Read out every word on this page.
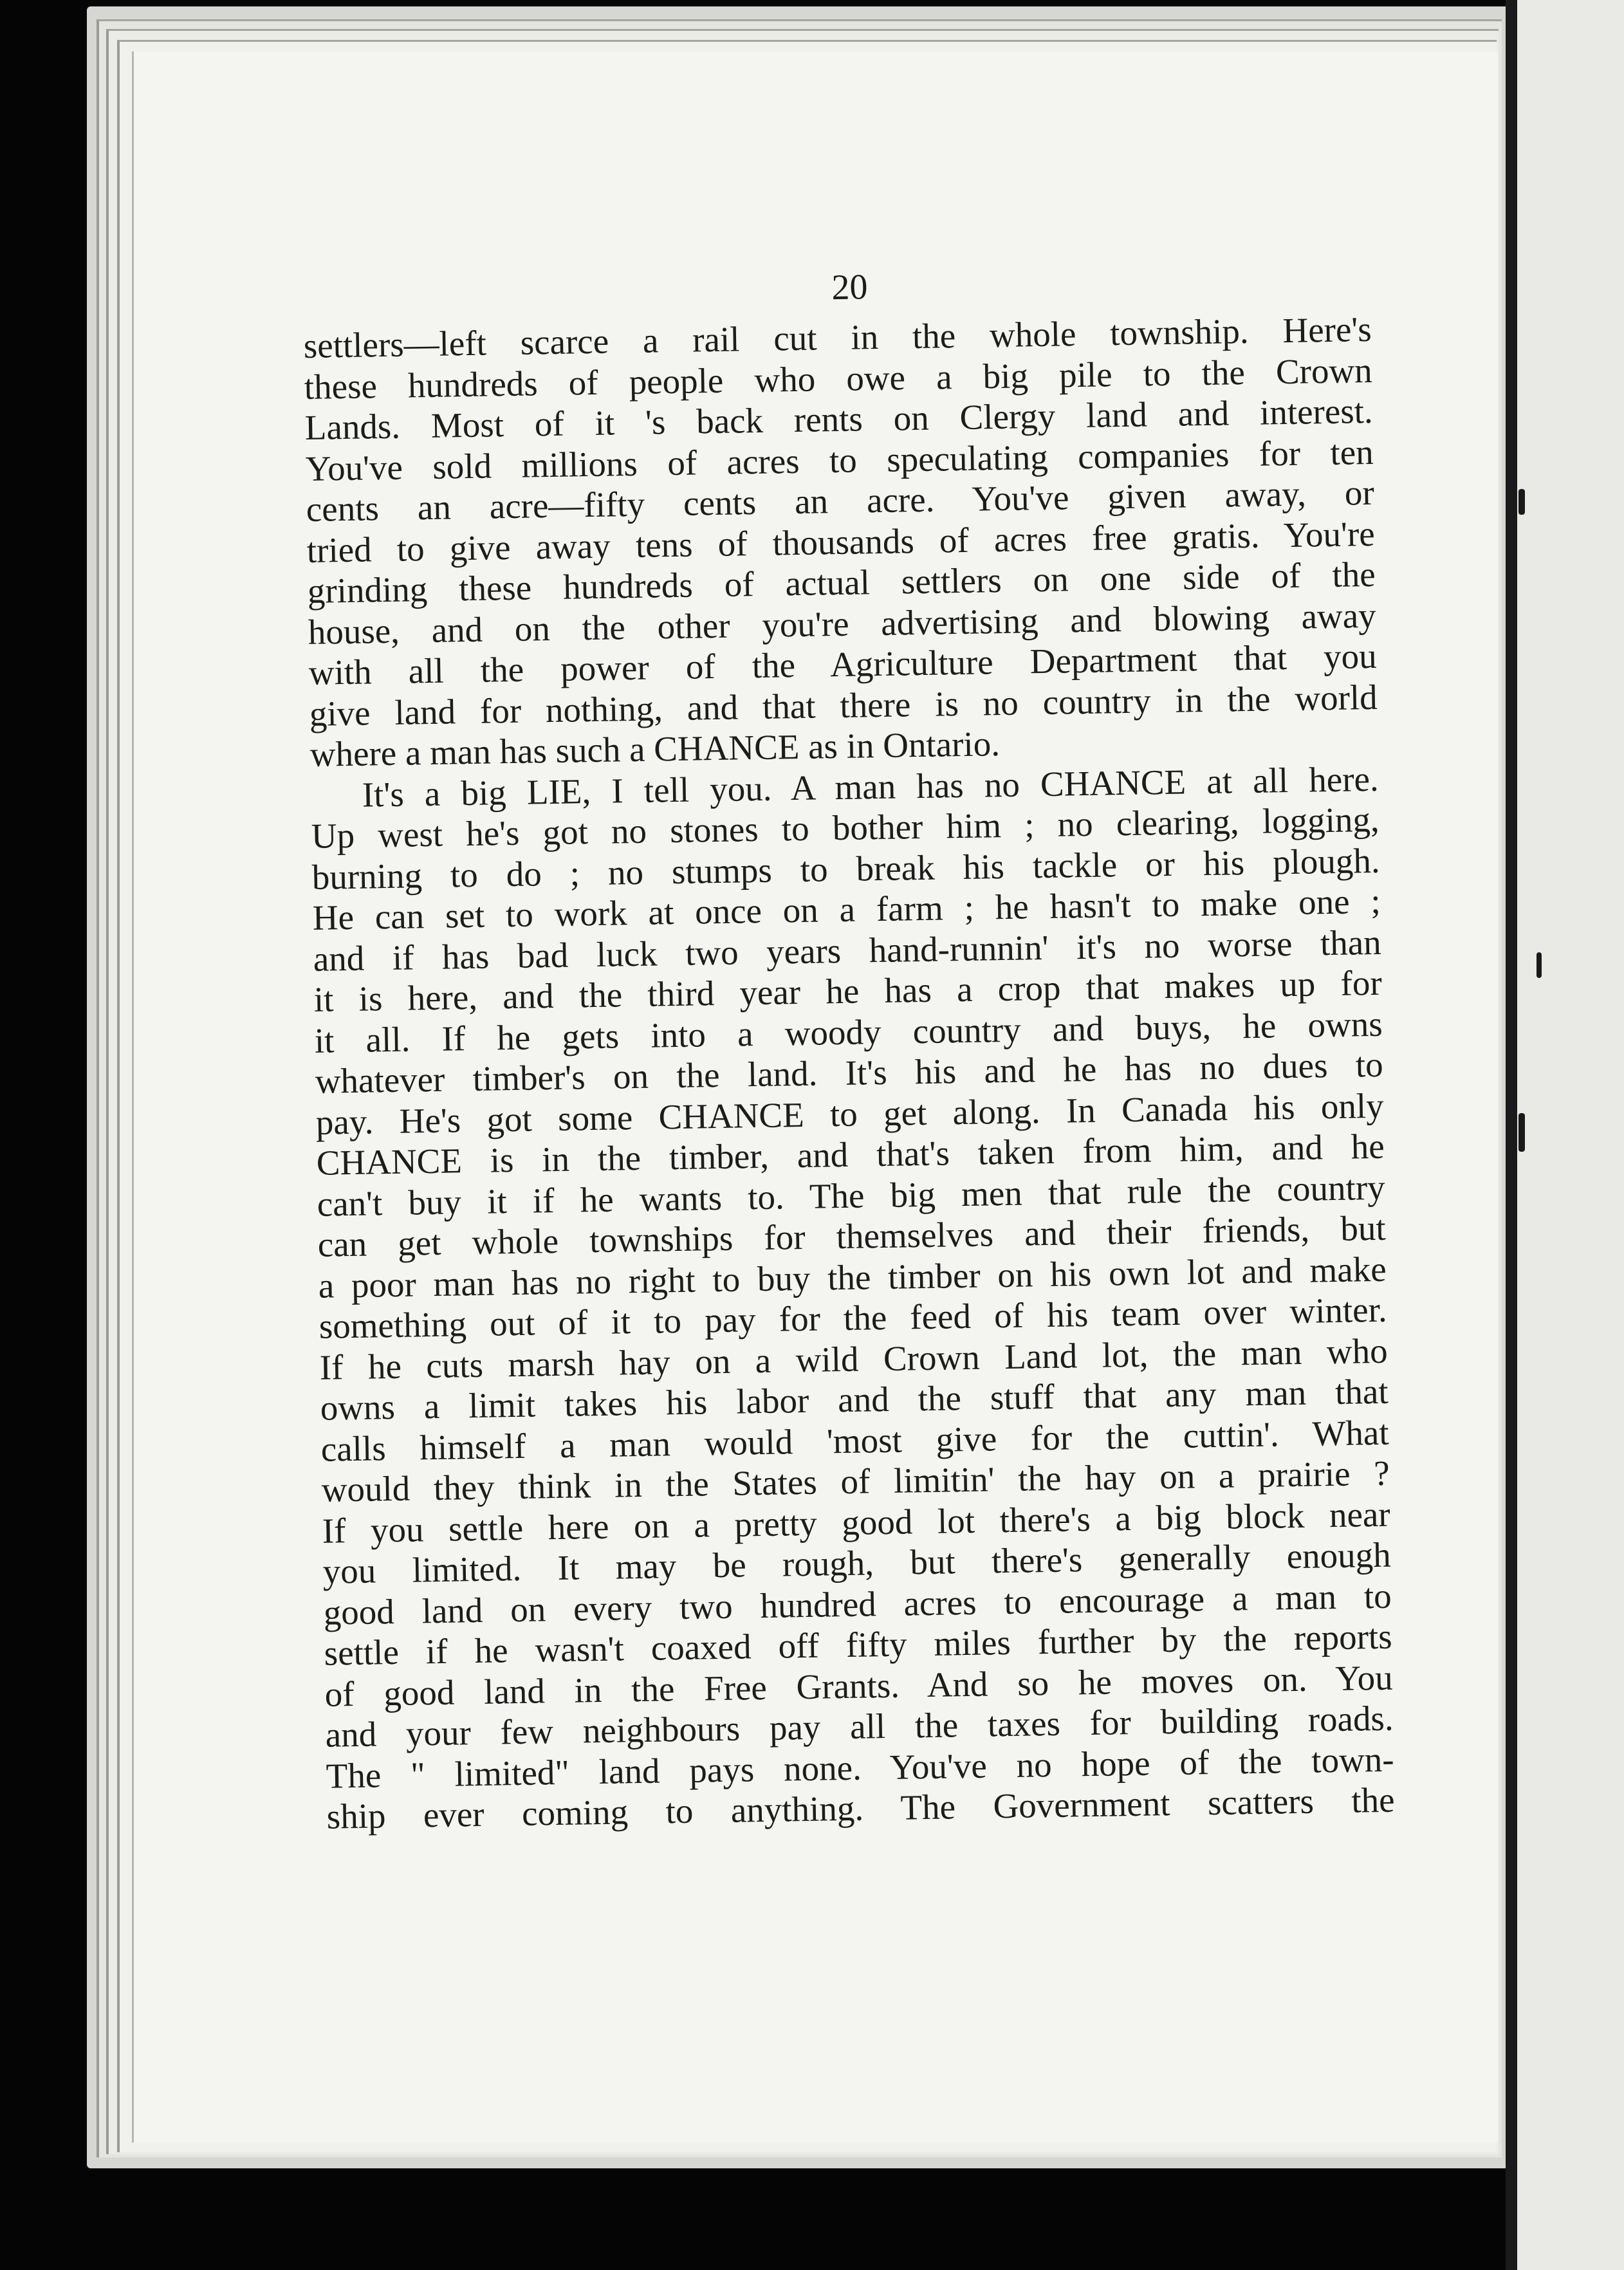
20
settlers—left scarce a rail cut in the whole township. Here's
these hundreds of people who owe a big pile to the Crown
Lands. Most of it 's back rents on Clergy land and interest.
You've sold millions of acres to speculating companies for ten
cents an acre—fifty cents an acre. You've given away, or
tried to give away tens of thousands of acres free gratis. You're
grinding these hundreds of actual settlers on one side of the
house, and on the other you're advertising and blowing away
with all the power of the Agriculture Department that you
give land for nothing, and that there is no country in the world
where a man has such a CHANCE as in Ontario.
It's a big LIE, I tell you. A man has no CHANCE at all here.
Up west he's got no stones to bother him ; no clearing, logging,
burning to do ; no stumps to break his tackle or his plough.
He can set to work at once on a farm ; he hasn't to make one ;
and if has bad luck two years hand-runnin' it's no worse than
it is here, and the third year he has a crop that makes up for
it all. If he gets into a woody country and buys, he owns
whatever timber's on the land. It's his and he has no dues to
pay. He's got some CHANCE to get along. In Canada his only
CHANCE is in the timber, and that's taken from him, and he
can't buy it if he wants to. The big men that rule the country
can get whole townships for themselves and their friends, but
a poor man has no right to buy the timber on his own lot and make
something out of it to pay for the feed of his team over winter.
If he cuts marsh hay on a wild Crown Land lot, the man who
owns a limit takes his labor and the stuff that any man that
calls himself a man would 'most give for the cuttin'. What
would they think in the States of limitin' the hay on a prairie ?
If you settle here on a pretty good lot there's a big block near
you limited. It may be rough, but there's generally enough
good land on every two hundred acres to encourage a man to
settle if he wasn't coaxed off fifty miles further by the reports
of good land in the Free Grants. And so he moves on. You
and your few neighbours pay all the taxes for building roads.
The " limited" land pays none. You've no hope of the town-
ship ever coming to anything. The Government scatters the
